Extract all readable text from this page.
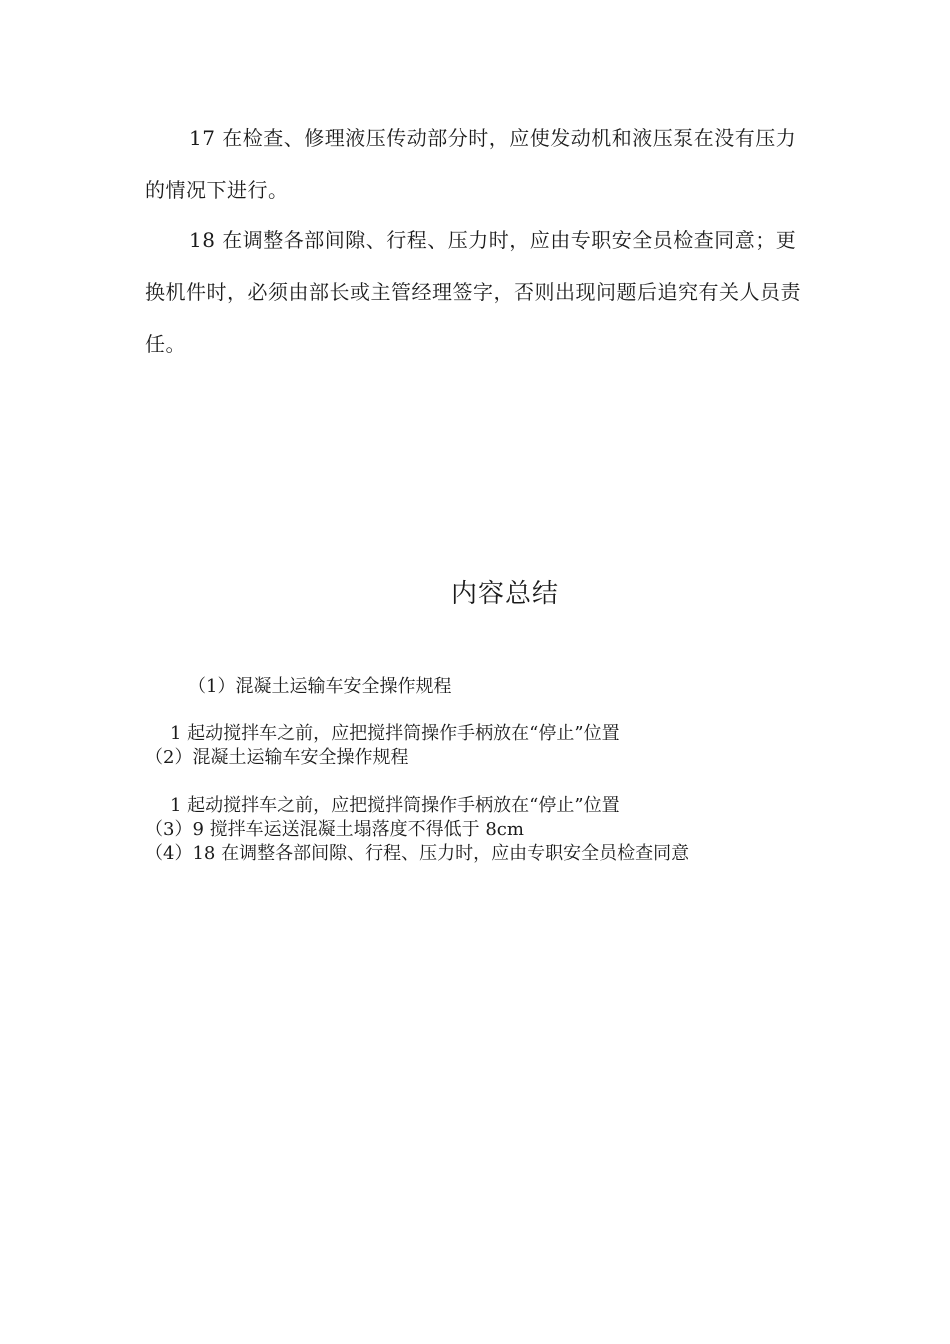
17 在检查、修理液压传动部分时，应使发动机和液压泵在没有压力的情况下进行。

18 在调整各部间隙、行程、压力时，应由专职安全员检查同意；更换机件时，必须由部长或主管经理签字，否则出现问题后追究有关人员责任。

内容总结

（1）混凝土运输车安全操作规程

1 起动搅拌车之前，应把搅拌筒操作手柄放在“停止”位置

（2）混凝土运输车安全操作规程

1 起动搅拌车之前，应把搅拌筒操作手柄放在“停止”位置

（3）9 搅拌车运送混凝土塌落度不得低于 8cm

（4）18 在调整各部间隙、行程、压力时，应由专职安全员检查同意
